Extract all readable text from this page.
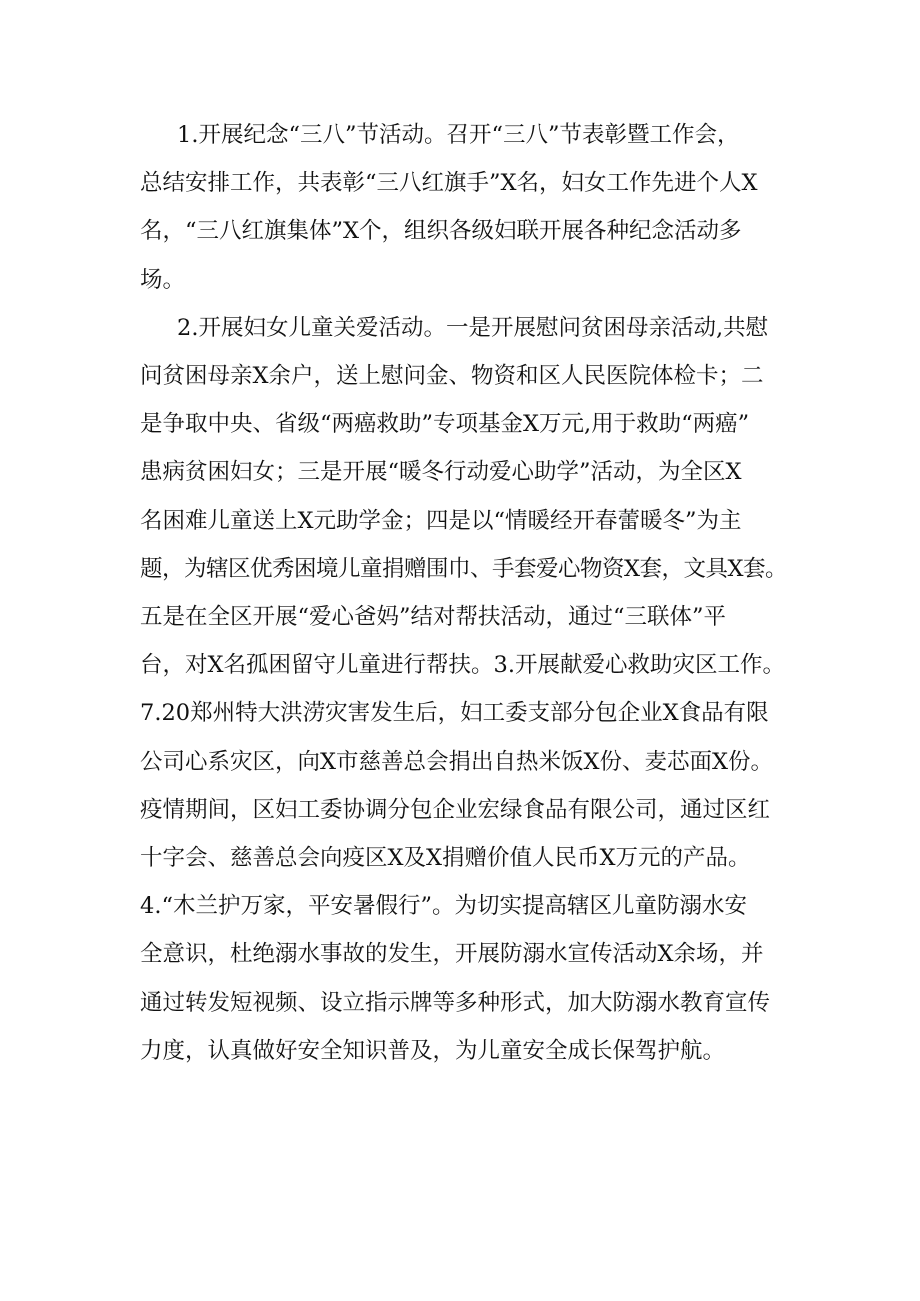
1.开展纪念“三八”节活动。召开“三八”节表彰暨工作会，
总结安排工作，共表彰“三八红旗手”X名，妇女工作先进个人X
名，“三八红旗集体”X个，组织各级妇联开展各种纪念活动多
场。
2.开展妇女儿童关爱活动。一是开展慰问贫困母亲活动,共慰
问贫困母亲X余户，送上慰问金、物资和区人民医院体检卡；二
是争取中央、省级“两癌救助”专项基金X万元,用于救助“两癌”
患病贫困妇女；三是开展“暖冬行动爱心助学”活动，为全区X
名困难儿童送上X元助学金；四是以“情暖经开春蕾暖冬”为主
题，为辖区优秀困境儿童捐赠围巾、手套爱心物资X套，文具X套。
五是在全区开展“爱心爸妈”结对帮扶活动，通过“三联体”平
台，对X名孤困留守儿童进行帮扶。3.开展献爱心救助灾区工作。
7.20郑州特大洪涝灾害发生后，妇工委支部分包企业X食品有限
公司心系灾区，向X市慈善总会捐出自热米饭X份、麦芯面X份。
疫情期间，区妇工委协调分包企业宏绿食品有限公司，通过区红
十字会、慈善总会向疫区X及X捐赠价值人民币X万元的产品。
4.“木兰护万家，平安暑假行”。为切实提高辖区儿童防溺水安
全意识，杜绝溺水事故的发生，开展防溺水宣传活动X余场，并
通过转发短视频、设立指示牌等多种形式，加大防溺水教育宣传
力度，认真做好安全知识普及，为儿童安全成长保驾护航。
